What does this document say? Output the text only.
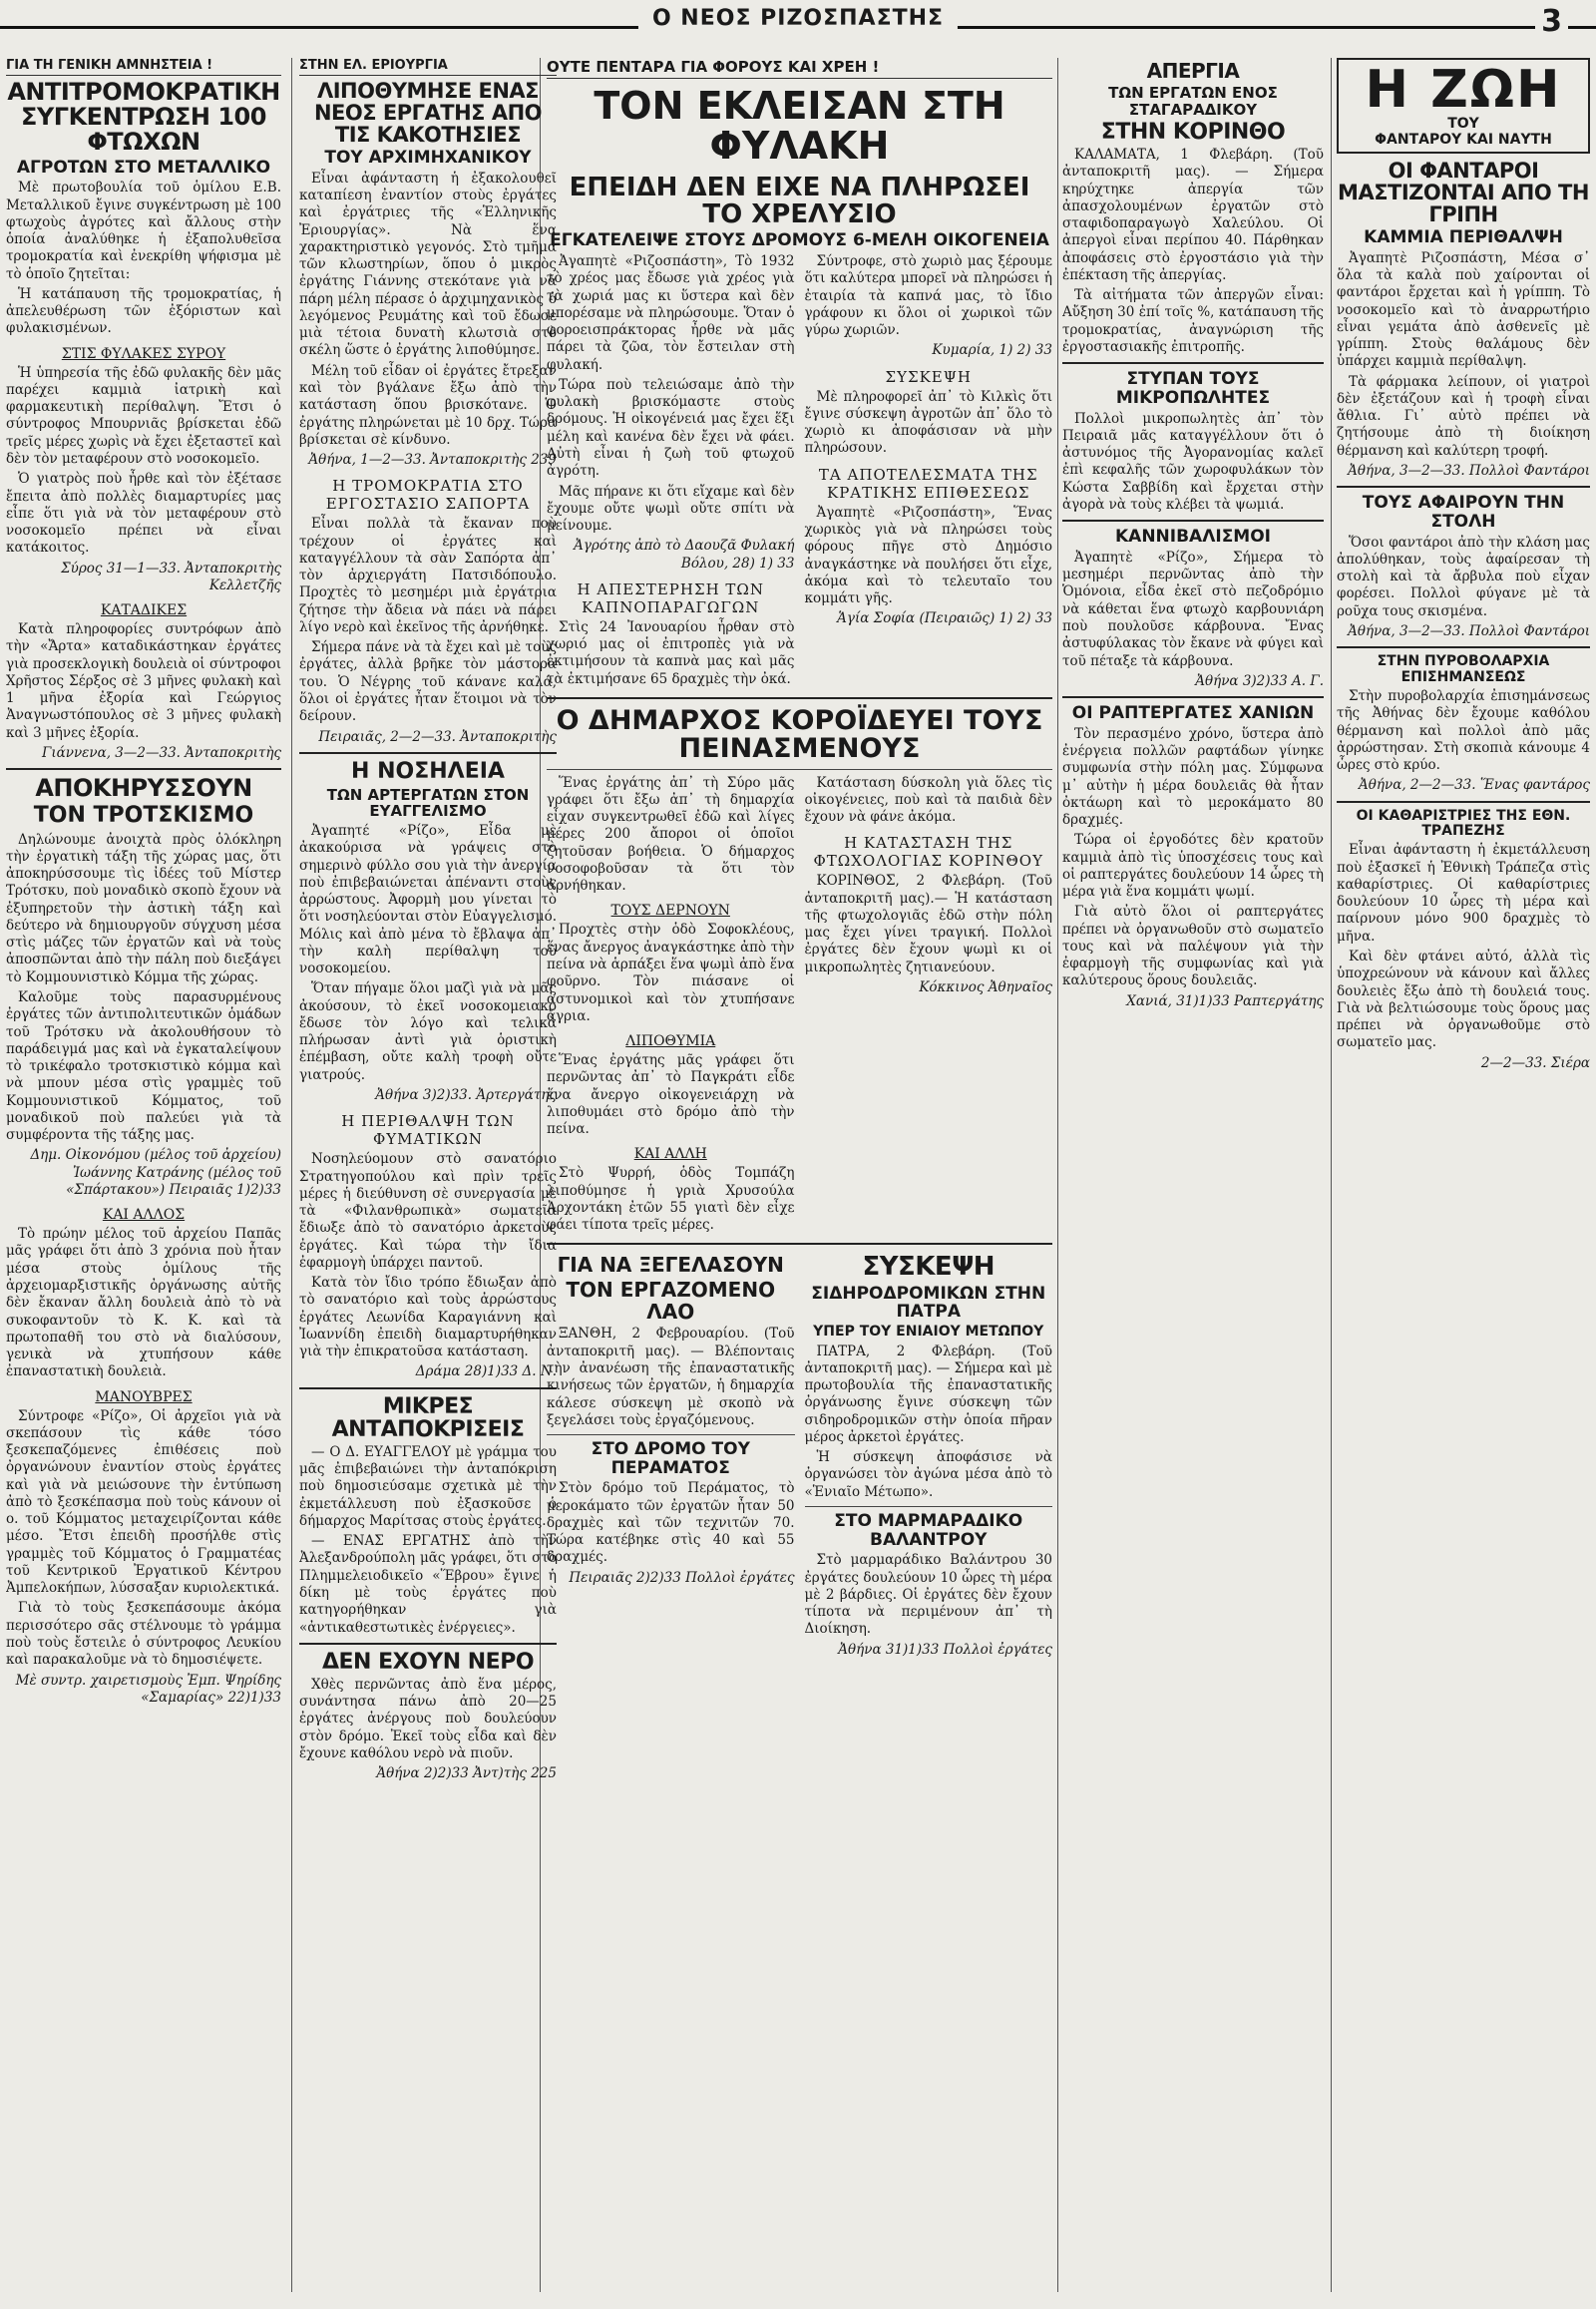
Ο ΝΕΟΣ ΡΙΖΟΣΠΑΣΤΗΣ	3
ΓΙΑ ΤΗ ΓΕΝΙΚΗ ΑΜΝΗΣΤΕΙΑ !
ΑΝΤΙΤΡΟΜΟΚΡΑΤΙΚΗ ΣΥΓΚΕΝΤΡΩΣΗ 100 ΦΤΩΧΩΝ
ΑΓΡΟΤΩΝ ΣΤΟ ΜΕΤΑΛΛΙΚΟ

Μὲ πρωτοβουλία τοῦ ὁμίλου Ε.Β. Μεταλλικοῦ ἔγινε συγκέντρωση μὲ 100 φτωχοὺς ἀγρότες καὶ ἄλλους στὴν ὁποία ἀναλύθηκε ἡ ἐξαπολυθεῖσα τρομοκρατία καὶ ἐνεκρίθη ψήφισμα μὲ τὸ ὁποῖο ζητεῖται:

Ἡ κατάπαυση τῆς τρομοκρατίας, ἡ ἀπελευθέρωση τῶν ἐξόριστων καὶ φυλακισμένων.

ΣΤΙΣ ΦΥΛΑΚΕΣ ΣΥΡΟΥ

Ἡ ὑπηρεσία τῆς ἐδῶ φυλακῆς δὲν μᾶς παρέχει καμμιὰ ἰατρικὴ καὶ φαρμακευτικὴ περίθαλψη. Ἔτσι ὁ σύντροφος Μπουρνιᾶς βρίσκεται ἐδῶ τρεῖς μέρες χωρὶς νὰ ἔχει ἐξεταστεῖ καὶ δὲν τὸν μεταφέρουν στὸ νοσοκομεῖο.

Ὁ γιατρὸς ποὺ ἦρθε καὶ τὸν ἐξέτασε ἔπειτα ἀπὸ πολλὲς διαμαρτυρίες μας εἶπε ὅτι γιὰ νὰ τὸν μεταφέρουν στὸ νοσοκομεῖο πρέπει νὰ εἶναι κατάκοιτος.

Σύρος 31—1—33. Ἀνταποκριτὴς Κελλετζῆς

ΚΑΤΑΔΙΚΕΣ

Κατὰ πληροφορίες συντρόφων ἀπὸ τὴν «Ἄρτα» καταδικάστηκαν ἐργάτες γιὰ προσεκλογικὴ δουλειὰ οἱ σύντροφοι Χρῆστος Σέρξος σὲ 3 μῆνες φυλακὴ καὶ 1 μῆνα ἐξορία καὶ Γεώργιος Ἀναγνωστόπουλος σὲ 3 μῆνες φυλακὴ καὶ 3 μῆνες ἐξορία.

Γιάννενα, 3—2—33. Ἀνταποκριτὴς

ΑΠΟΚΗΡΥΣΣΟΥΝ
ΤΟΝ ΤΡΟΤΣΚΙΣΜΟ

Δηλώνουμε ἀνοιχτὰ πρὸς ὁλόκληρη τὴν ἐργατικὴ τάξη τῆς χώρας μας, ὅτι ἀποκηρύσσουμε τὶς ἰδέες τοῦ Μίστερ Τρότσκυ, ποὺ μοναδικὸ σκοπὸ ἔχουν νὰ ἐξυπηρετοῦν τὴν ἀστικὴ τάξη καὶ δεύτερο νὰ δημιουργοῦν σύγχυση μέσα στὶς μάζες τῶν ἐργατῶν καὶ νὰ τοὺς ἀποσπῶνται ἀπὸ τὴν πάλη ποὺ διεξάγει τὸ Κομμουνιστικὸ Κόμμα τῆς χώρας.

Καλοῦμε τοὺς παρασυρμένους ἐργάτες τῶν ἀντιπολιτευτικῶν ὁμάδων τοῦ Τρότσκυ νὰ ἀκολουθήσουν τὸ παράδειγμά μας καὶ νὰ ἐγκαταλείψουν τὸ τρικέφαλο τροτσκιστικὸ κόμμα καὶ νὰ μπουν μέσα στὶς γραμμὲς τοῦ Κομμουνιστικοῦ Κόμματος, τοῦ μοναδικοῦ ποὺ παλεύει γιὰ τὰ συμφέροντα τῆς τάξης μας.

Δημ. Οἰκονόμου (μέλος τοῦ ἀρχείου) Ἰωάννης Κατράνης (μέλος τοῦ «Σπάρτακου») Πειραιᾶς 1)2)33

ΚΑΙ ΑΛΛΟΣ

Τὸ πρώην μέλος τοῦ ἀρχείου Παπᾶς μᾶς γράφει ὅτι ἀπὸ 3 χρόνια ποὺ ἦταν μέσα στοὺς ὁμίλους τῆς ἀρχειομαρξιστικῆς ὀργάνωσης αὐτῆς δὲν ἔκαναν ἄλλη δουλειὰ ἀπὸ τὸ νὰ συκοφαντοῦν τὸ Κ. Κ. καὶ τὰ πρωτοπαθῆ του στὸ νὰ διαλύσουν, γενικὰ νὰ χτυπήσουν κάθε ἐπαναστατικὴ δουλειὰ.

ΜΑΝΟΥΒΡΕΣ

Σύντροφε «Ρίζο», Οἱ ἀρχεῖοι γιὰ νὰ σκεπάσουν τὶς κάθε τόσο ξεσκεπαζόμενες ἐπιθέσεις ποὺ ὀργανώνουν ἐναντίον στοὺς ἐργάτες καὶ γιὰ νὰ μειώσουνε τὴν ἐντύπωση ἀπὸ τὸ ξεσκέπασμα ποὺ τοὺς κάνουν οἱ ο. τοῦ Κόμματος μεταχειρίζονται κάθε μέσο. Ἔτσι ἐπειδὴ προσήλθε στὶς γραμμὲς τοῦ Κόμματος ὁ Γραμματέας τοῦ Κεντρικοῦ Ἐργατικοῦ Κέντρου Ἀμπελοκήπων, λύσσαξαν κυριολεκτικά.

Γιὰ τὸ τοὺς ξεσκεπάσουμε ἀκόμα περισσότερο σᾶς στέλνουμε τὸ γράμμα ποὺ τοὺς ἔστειλε ὁ σύντροφος Λευκίου καὶ παρακαλοῦμε νὰ τὸ δημοσιέψετε.

Μὲ συντρ. χαιρετισμοὺς Ἐμπ. Ψηρίδης «Σαμαρίας» 22)1)33

ΣΤΗΝ ΕΛ. ΕΡΙΟΥΡΓΙΑ
ΛΙΠΟΘΥΜΗΣΕ ΕΝΑΣ ΝΕΟΣ ΕΡΓΑΤΗΣ ΑΠΟ ΤΙΣ ΚΑΚΟΤΗΣΙΕΣ
ΤΟΥ ΑΡΧΙΜΗΧΑΝΙΚΟΥ

Εἶναι ἀφάνταστη ἡ ἐξακολουθεῖ καταπίεση ἐναντίον στοὺς ἐργάτες καὶ ἐργάτριες τῆς «Ἑλληνικῆς Ἐριουργίας». Νὰ ἕνα χαρακτηριστικὸ γεγονός. Στὸ τμῆμα τῶν κλωστηρίων, ὅπου ὁ μικρὸς ἐργάτης Γιάννης στεκότανε γιὰ νὰ πάρη μέλη πέρασε ὁ ἀρχιμηχανικὸς ὁ λεγόμενος Ρευμάτης καὶ τοῦ ἔδωσε μιὰ τέτοια δυνατὴ κλωτσιὰ στὸ σκέλη ὥστε ὁ ἐργάτης λιποθύμησε.

Μέλη τοῦ εἶδαν οἱ ἐργάτες ἔτρεξαν καὶ τὸν βγάλανε ἔξω ἀπὸ τὴν κατάσταση ὅπου βρισκότανε. Ὁ ἐργάτης πληρώνεται μὲ 10 δρχ. Τώρα βρίσκεται σὲ κίνδυνο.

Ἀθήνα, 1—2—33. Ἀνταποκριτὴς 239

Η ΤΡΟΜΟΚΡΑΤΙΑ ΣΤΟ ΕΡΓΟΣΤΑΣΙΟ ΣΑΠΟΡΤΑ

Εἶναι πολλὰ τὰ ἔκαναν ποὺ τρέχουν οἱ ἐργάτες καὶ καταγγέλλουν τὰ σὰν Σαπόρτα ἀπ᾿ τὸν ἀρχιεργάτη Πατσιδόπουλο. Προχτὲς τὸ μεσημέρι μιὰ ἐργάτρια ζήτησε τὴν ἄδεια νὰ πάει νὰ πάρει λίγο νερὸ καὶ ἐκεῖνος τῆς ἀρνήθηκε.

Σήμερα πάνε νὰ τὰ ἔχει καὶ μὲ τοὺς ἐργάτες, ἀλλὰ βρῆκε τὸν μάστορα του. Ὁ Νέγρης τοῦ κάνανε καλά, ὅλοι οἱ ἐργάτες ἦταν ἕτοιμοι νὰ τὸν δείρουν.

Πειραιᾶς, 2—2—33. Ἀνταποκριτὴς

Η ΝΟΣΗΛΕΙΑ
ΤΩΝ ΑΡΤΕΡΓΑΤΩΝ ΣΤΟΝ ΕΥΑΓΓΕΛΙΣΜΟ

Ἀγαπητέ «Ρίζο», Εἶδα μὲ ἀκακούρισα νὰ γράψεις στὸ σημερινὸ φύλλο σου γιὰ τὴν ἀνεργία ποὺ ἐπιβεβαιώνεται ἀπέναντι στοὺς ἀρρώστους. Ἀφορμὴ μου γίνεται τὸ ὅτι νοσηλεύονται στὸν Εὐαγγελισμό. Μόλις καὶ ἀπὸ μένα τὸ ἔβλαψα ἀπ᾿ τὴν καλὴ περίθαλψη τοῦ νοσοκομείου.

Ὅταν πήγαμε ὅλοι μαζὶ γιὰ νὰ μᾶς ἀκούσουν, τὸ ἐκεῖ νοσοκομειακὸ ἔδωσε τὸν λόγο καὶ τελικὰ πλήρωσαν ἀντὶ γιὰ ὁριστικὴ ἐπέμβαση, οὔτε καλὴ τροφὴ οὔτε γιατρούς.

Ἀθήνα 3)2)33. Ἀρτεργάτης

Η ΠΕΡΙΘΑΛΨΗ ΤΩΝ ΦΥΜΑΤΙΚΩΝ

Νοσηλεύομουν στὸ σανατόριο Στρατηγοπούλου καὶ πρὶν τρεῖς μέρες ἡ διεύθυνση σὲ συνεργασία μὲ τὰ «Φιλανθρωπικὰ» σωματεῖα ἔδιωξε ἀπὸ τὸ σανατόριο ἀρκετοὺς ἐργάτες. Καὶ τώρα τὴν ἴδια ἐφαρμογὴ ὑπάρχει παντοῦ.

Κατὰ τὸν ἴδιο τρόπο ἔδιωξαν ἀπὸ τὸ σανατόριο καὶ τοὺς ἀρρώστους ἐργάτες Λεωνίδα Καραγιάννη καὶ Ἰωαννίδη ἐπειδὴ διαμαρτυρήθηκαν γιὰ τὴν ἐπικρατοῦσα κατάσταση.

Δράμα 28)1)33 Δ. Ν.

ΜΙΚΡΕΣ ΑΝΤΑΠΟΚΡΙΣΕΙΣ

— Ο Δ. ΕΥΑΓΓΕΛΟΥ μὲ γράμμα του μᾶς ἐπιβεβαιώνει τὴν ἀνταπόκριση ποὺ δημοσιεύσαμε σχετικὰ μὲ τὴν ἐκμετάλλευση ποὺ ἐξασκοῦσε ὁ δήμαρχος Μαρίτσας στοὺς ἐργάτες.

— ΕΝΑΣ ΕΡΓΑΤΗΣ ἀπὸ τὴν Ἀλεξανδρούπολη μᾶς γράφει, ὅτι στὸ Πλημμελειοδικεῖο «Ἕβρου» ἔγινε ἡ δίκη μὲ τοὺς ἐργάτες ποὺ κατηγορήθηκαν γιὰ «ἀντικαθεστωτικὲς ἐνέργειες».

ΔΕΝ ΕΧΟΥΝ ΝΕΡΟ

Χθὲς περνῶντας ἀπὸ ἕνα μέρος, συνάντησα πάνω ἀπὸ 20—25 ἐργάτες ἀνέργους ποὺ δουλεύουν στὸν δρόμο. Ἐκεῖ τοὺς εἶδα καὶ δὲν ἔχουνε καθόλου νερὸ νὰ πιοῦν.

Ἀθήνα 2)2)33 Ἀντ)τὴς 225

ΟΥΤΕ ΠΕΝΤΑΡΑ ΓΙΑ ΦΟΡΟΥΣ ΚΑΙ ΧΡΕΗ !
ΤΟΝ ΕΚΛΕΙΣΑΝ ΣΤΗ ΦΥΛΑΚΗ
ΕΠΕΙΔΗ ΔΕΝ ΕΙΧΕ ΝΑ ΠΛΗΡΩΣΕΙ ΤΟ ΧΡΕΛΥΣΙΟ
ΕΓΚΑΤΕΛΕΙΨΕ ΣΤΟΥΣ ΔΡΟΜΟΥΣ 6-ΜΕΛΗ ΟΙΚΟΓΕΝΕΙΑ

Ἀγαπητὲ «Ριζοσπάστη», Τὸ 1932 τὸ χρέος μας ἔδωσε γιὰ χρέος γιὰ τὰ χωριά μας κι ὕστερα καὶ δὲν μπορέσαμε νὰ πληρώσουμε. Ὅταν ὁ φοροεισπράκτορας ἦρθε νὰ μᾶς πάρει τὰ ζῶα, τὸν ἔστειλαν στὴ φυλακή.

Τώρα ποὺ τελειώσαμε ἀπὸ τὴν φυλακὴ βρισκόμαστε στοὺς δρόμους. Ἡ οἰκογένειά μας ἔχει ἕξι μέλη καὶ κανένα δὲν ἔχει νὰ φάει. Αὐτὴ εἶναι ἡ ζωὴ τοῦ φτωχοῦ ἀγρότη.

Μᾶς πήρανε κι ὅτι εἴχαμε καὶ δὲν ἔχουμε οὔτε ψωμὶ οὔτε σπίτι νὰ μείνουμε.

Ἀγρότης ἀπὸ τὸ Δαουζᾶ Φυλακή Βόλου, 28) 1) 33

Η ΑΠΕΣΤΕΡΗΣΗ ΤΩΝ ΚΑΠΝΟΠΑΡΑΓΩΓΩΝ

Στὶς 24 Ἰανουαρίου ἦρθαν στὸ χωριό μας οἱ ἐπιτροπὲς γιὰ νὰ ἐκτιμήσουν τὰ καπνὰ μας καὶ μᾶς τὰ ἐκτιμήσανε 65 δραχμὲς τὴν ὀκά.

Σύντροφε, στὸ χωριὸ μας ξέρουμε ὅτι καλύτερα μπορεῖ νὰ πληρώσει ἡ ἐταιρία τὰ καπνά μας, τὸ ἴδιο γράφουν κι ὅλοι οἱ χωρικοὶ τῶν γύρω χωριῶν.

Κυμαρία, 1) 2) 33

ΣΥΣΚΕΨΗ

Μὲ πληροφορεῖ ἀπ᾿ τὸ Κιλκὶς ὅτι ἔγινε σύσκεψη ἀγροτῶν ἀπ᾿ ὅλο τὸ χωριὸ κι ἀποφάσισαν νὰ μὴν πληρώσουν.

ΤΑ ΑΠΟΤΕΛΕΣΜΑΤΑ ΤΗΣ ΚΡΑΤΙΚΗΣ ΕΠΙΘΕΣΕΩΣ

Ἀγαπητὲ «Ριζοσπάστη», Ἕνας χωρικὸς γιὰ νὰ πληρώσει τοὺς φόρους πῆγε στὸ Δημόσιο ἀναγκάστηκε νὰ πουλήσει ὅτι εἶχε, ἀκόμα καὶ τὸ τελευταῖο του κομμάτι γῆς.

Ἁγία Σοφία (Πειραιῶς) 1) 2) 33

Ο ΔΗΜΑΡΧΟΣ ΚΟΡΟΪΔΕΥΕΙ ΤΟΥΣ ΠΕΙΝΑΣΜΕΝΟΥΣ

Ἕνας ἐργάτης ἀπ᾿ τὴ Σύρο μᾶς γράφει ὅτι ἔξω ἀπ᾿ τὴ δημαρχία εἶχαν συγκεντρωθεῖ ἐδῶ καὶ λίγες μέρες 200 ἄποροι οἱ ὁποῖοι ζητοῦσαν βοήθεια. Ὁ δήμαρχος νοσοφοβοῦσαν τὰ ὅτι τὸν ἀρνήθηκαν.

ΤΟΥΣ ΔΕΡΝΟΥΝ

Προχτὲς στὴν ὁδὸ Σοφοκλέους, ἕνας ἄνεργος ἀναγκάστηκε ἀπὸ τὴν πείνα νὰ ἁρπάξει ἕνα ψωμὶ ἀπὸ ἕνα φοῦρνο. Τὸν πιάσανε οἱ ἀστυνομικοὶ καὶ τὸν χτυπήσανε ἄγρια.

ΛΙΠΟΘΥΜΙΑ

Ἕνας ἐργάτης μᾶς γράφει ὅτι περνῶντας ἀπ᾿ τὸ Παγκράτι εἶδε ἕνα ἄνεργο οἰκογενειάρχη νὰ λιποθυμάει στὸ δρόμο ἀπὸ τὴν πείνα.

ΚΑΙ ΑΛΛΗ

Στὸ Ψυρρή, ὁδὸς Τομπάζη λιποθύμησε ἡ γριὰ Χρυσούλα Ἀρχοντάκη ἐτῶν 55 γιατὶ δὲν εἶχε φάει τίποτα τρεῖς μέρες.

Κατάσταση δύσκολη γιὰ ὅλες τὶς οἰκογένειες, ποὺ καὶ τὰ παιδιὰ δὲν ἔχουν νὰ φάνε ἀκόμα.

Η ΚΑΤΑΣΤΑΣΗ ΤΗΣ ΦΤΩΧΟΛΟΓΙΑΣ ΚΟΡΙΝΘΟΥ

ΚΟΡΙΝΘΟΣ, 2 Φλεβάρη. (Τοῦ ἀνταποκριτῆ μας).— Ἡ κατάσταση τῆς φτωχολογιᾶς ἐδῶ στὴν πόλη μας ἔχει γίνει τραγική. Πολλοὶ ἐργάτες δὲν ἔχουν ψωμὶ κι οἱ μικροπωλητὲς ζητιανεύουν.

Κόκκινος Ἀθηναῖος

ΓΙΑ ΝΑ ΞΕΓΕΛΑΣΟΥΝ
ΤΟΝ ΕΡΓΑΖΟΜΕΝΟ ΛΑΟ

ΞΑΝΘΗ, 2 Φεβρουαρίου. (Τοῦ ἀνταποκριτῆ μας). — Βλέπονταις τὴν ἀνανέωση τῆς ἐπαναστατικῆς κινήσεως τῶν ἐργατῶν, ἡ δημαρχία κάλεσε σύσκεψη μὲ σκοπὸ νὰ ξεγελάσει τοὺς ἐργαζόμενους.

ΣΤΟ ΔΡΟΜΟ ΤΟΥ ΠΕΡΑΜΑΤΟΣ

Στὸν δρόμο τοῦ Περάματος, τὸ μεροκάματο τῶν ἐργατῶν ἦταν 50 δραχμὲς καὶ τῶν τεχνιτῶν 70. Τώρα κατέβηκε στὶς 40 καὶ 55 δραχμές.

Πειραιᾶς 2)2)33 Πολλοὶ ἐργάτες

ΣΥΣΚΕΨΗ
ΣΙΔΗΡΟΔΡΟΜΙΚΩΝ ΣΤΗΝ ΠΑΤΡΑ
ΥΠΕΡ ΤΟΥ ΕΝΙΑΙΟΥ ΜΕΤΩΠΟΥ

ΠΑΤΡΑ, 2 Φλεβάρη. (Τοῦ ἀνταποκριτῆ μας). — Σήμερα καὶ μὲ πρωτοβουλία τῆς ἐπαναστατικῆς ὀργάνωσης ἔγινε σύσκεψη τῶν σιδηροδρομικῶν στὴν ὁποία πῆραν μέρος ἀρκετοὶ ἐργάτες.

Ἡ σύσκεψη ἀποφάσισε νὰ ὀργανώσει τὸν ἀγώνα μέσα ἀπὸ τὸ «Ἑνιαῖο Μέτωπο».

ΣΤΟ ΜΑΡΜΑΡΑΔΙΚΟ ΒΑΛΑΝΤΡΟΥ

Στὸ μαρμαράδικο Βαλάντρου 30 ἐργάτες δουλεύουν 10 ὧρες τὴ μέρα μὲ 2 βάρδιες. Οἱ ἐργάτες δὲν ἔχουν τίποτα νὰ περιμένουν ἀπ᾿ τὴ Διοίκηση.

Ἀθήνα 31)1)33 Πολλοὶ ἐργάτες

ΑΠΕΡΓΙΑ
ΤΩΝ ΕΡΓΑΤΩΝ ΕΝΟΣ ΣΤΑΓΑΡΑΔΙΚΟΥ
ΣΤΗΝ ΚΟΡΙΝΘΟ

ΚΑΛΑΜΑΤΑ, 1 Φλεβάρη. (Τοῦ ἀνταποκριτῆ μας). — Σήμερα κηρύχτηκε ἀπεργία τῶν ἀπασχολουμένων ἐργατῶν στὸ σταφιδοπαραγωγὸ Χαλεύλου. Οἱ ἀπεργοὶ εἶναι περίπου 40. Πάρθηκαν ἀποφάσεις στὸ ἐργοστάσιο γιὰ τὴν ἐπέκταση τῆς ἀπεργίας.

Τὰ αἰτήματα τῶν ἀπεργῶν εἶναι: Αὔξηση 30 ἐπί τοῖς %, κατάπαυση τῆς τρομοκρατίας, ἀναγνώριση τῆς ἐργοστασιακῆς ἐπιτροπῆς.

ΣΤΥΠΑΝ ΤΟΥΣ ΜΙΚΡΟΠΩΛΗΤΕΣ

Πολλοὶ μικροπωλητὲς ἀπ᾿ τὸν Πειραιᾶ μᾶς καταγγέλλουν ὅτι ὁ ἀστυνόμος τῆς Ἀγορανομίας καλεῖ ἐπὶ κεφαλῆς τῶν χωροφυλάκων τὸν Κώστα Σαββίδη καὶ ἔρχεται στὴν ἀγορὰ νὰ τοὺς κλέβει τὰ ψωμιά.

ΚΑΝΝΙΒΑΛΙΣΜΟΙ

Ἀγαπητὲ «Ρίζο», Σήμερα τὸ μεσημέρι περνῶντας ἀπὸ τὴν Ὁμόνοια, εἶδα ἐκεῖ στὸ πεζοδρόμιο νὰ κάθεται ἕνα φτωχὸ καρβουνιάρη ποὺ πουλοῦσε κάρβουνα. Ἔνας ἀστυφύλακας τὸν ἔκανε νὰ φύγει καὶ τοῦ πέταξε τὰ κάρβουνα.

Ἀθήνα 3)2)33 Α. Γ.

ΟΙ ΡΑΠΤΕΡΓΑΤΕΣ ΧΑΝΙΩΝ

Τὸν περασμένο χρόνο, ὕστερα ἀπὸ ἐνέργεια πολλῶν ραφτάδων γίνηκε συμφωνία στὴν πόλη μας. Σύμφωνα μ᾿ αὐτὴν ἡ μέρα δουλειᾶς θὰ ἦταν ὀκτάωρη καὶ τὸ μεροκάματο 80 δραχμές.

Τώρα οἱ ἐργοδότες δὲν κρατοῦν καμμιὰ ἀπὸ τὶς ὑποσχέσεις τους καὶ οἱ ραπτεργάτες δουλεύουν 14 ὧρες τὴ μέρα γιὰ ἕνα κομμάτι ψωμί.

Γιὰ αὐτὸ ὅλοι οἱ ραπτεργάτες πρέπει νὰ ὀργανωθοῦν στὸ σωματεῖο τους καὶ νὰ παλέψουν γιὰ τὴν ἐφαρμογὴ τῆς συμφωνίας καὶ γιὰ καλύτερους ὅρους δουλειᾶς.

Χανιά, 31)1)33 Ραπτεργάτης

Η ΖΩΗ
ΤΟΥ
ΦΑΝΤΑΡΟΥ ΚΑΙ ΝΑΥΤΗ
ΟΙ ΦΑΝΤΑΡΟΙ ΜΑΣΤΙΖΟΝΤΑΙ ΑΠΟ ΤΗ ΓΡΙΠΗ
ΚΑΜΜΙΑ ΠΕΡΙΘΑΛΨΗ

Ἀγαπητὲ Ριζοσπάστη, Μέσα σ᾿ ὅλα τὰ καλὰ ποὺ χαίρονται οἱ φαντάροι ἔρχεται καὶ ἡ γρίππη. Τὸ νοσοκομεῖο καὶ τὸ ἀναρρωτήριο εἶναι γεμάτα ἀπὸ ἀσθενεῖς μὲ γρίππη. Στοὺς θαλάμους δὲν ὑπάρχει καμμιὰ περίθαλψη.

Τὰ φάρμακα λείπουν, οἱ γιατροὶ δὲν ἐξετάζουν καὶ ἡ τροφὴ εἶναι ἄθλια. Γι᾿ αὐτὸ πρέπει νὰ ζητήσουμε ἀπὸ τὴ διοίκηση θέρμανση καὶ καλύτερη τροφή.

Ἀθήνα, 3—2—33. Πολλοὶ Φαντάροι

ΤΟΥΣ ΑΦΑΙΡΟΥΝ ΤΗΝ ΣΤΟΛΗ

Ὅσοι φαντάροι ἀπὸ τὴν κλάση μας ἀπολύθηκαν, τοὺς ἀφαίρεσαν τὴ στολὴ καὶ τὰ ἄρβυλα ποὺ εἶχαν φορέσει. Πολλοὶ φύγανε μὲ τὰ ροῦχα τους σκισμένα.

Ἀθήνα, 3—2—33. Πολλοὶ Φαντάροι

ΣΤΗΝ ΠΥΡΟΒΟΛΑΡΧΙΑ ΕΠΙΣΗΜΑΝΣΕΩΣ

Στὴν πυροβολαρχία ἐπισημάνσεως τῆς Ἀθήνας δὲν ἔχουμε καθόλου θέρμανση καὶ πολλοὶ ἀπὸ μᾶς ἀρρώστησαν. Στὴ σκοπιὰ κάνουμε 4 ὧρες στὸ κρύο.

Ἀθήνα, 2—2—33. Ἕνας φαντάρος

ΟΙ ΚΑΘΑΡΙΣΤΡΙΕΣ ΤΗΣ ΕΘΝ. ΤΡΑΠΕΖΗΣ

Εἶναι ἀφάνταστη ἡ ἐκμετάλλευση ποὺ ἐξασκεῖ ἡ Ἐθνικὴ Τράπεζα στὶς καθαρίστριες. Οἱ καθαρίστριες δουλεύουν 10 ὧρες τὴ μέρα καὶ παίρνουν μόνο 900 δραχμὲς τὸ μῆνα.

Καὶ δὲν φτάνει αὐτό, ἀλλὰ τὶς ὑποχρεώνουν νὰ κάνουν καὶ ἄλλες δουλειὲς ἔξω ἀπὸ τὴ δουλειά τους. Γιὰ νὰ βελτιώσουμε τοὺς ὅρους μας πρέπει νὰ ὀργανωθοῦμε στὸ σωματεῖο μας.

2—2—33. Σιέρα
